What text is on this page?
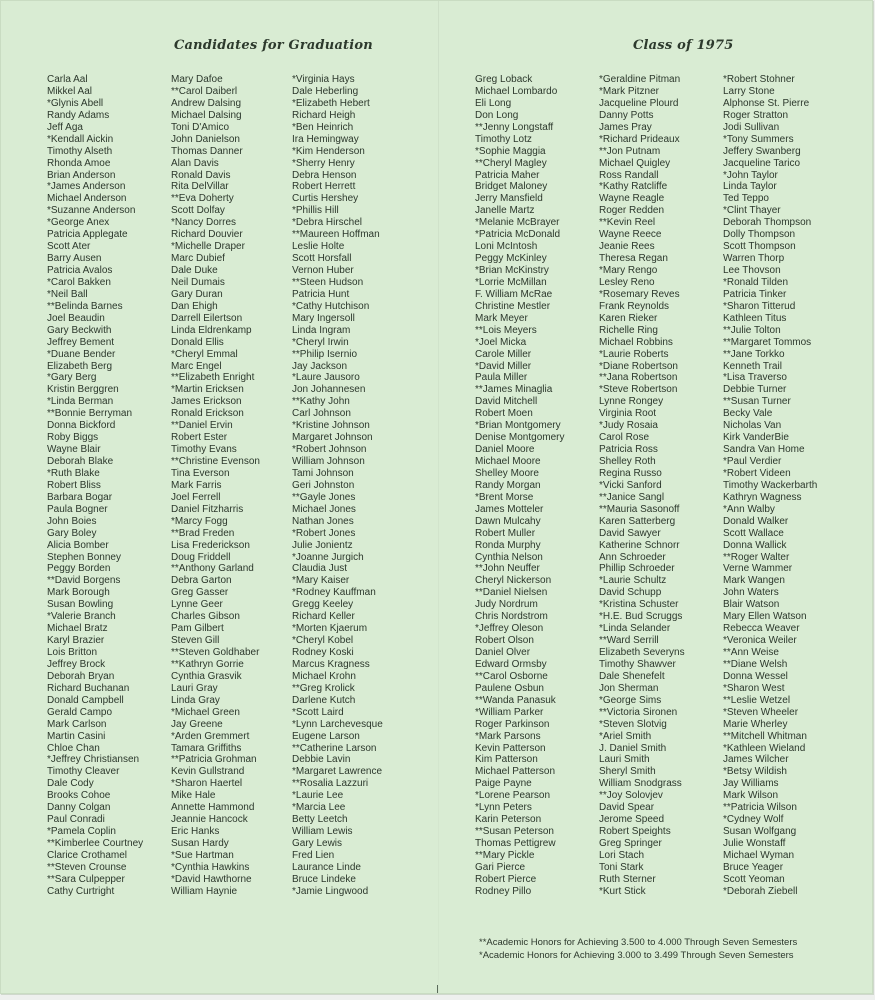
Candidates for Graduation	Class of 1975
Carla Aal
Mikkel Aal
*Glynis Abell
Randy Adams
Jeff Aga
*Kendall Aickin
Timothy Alseth
Rhonda Amoe
Brian Anderson
*James Anderson
Michael Anderson
*Suzanne Anderson
*George Anex
Patricia Applegate
Scott Ater
Barry Ausen
Patricia Avalos
*Carol Bakken
*Neil Ball
**Belinda Barnes
Joel Beaudin
Gary Beckwith
Jeffrey Bement
*Duane Bender
Elizabeth Berg
*Gary Berg
Kristin Berggren
*Linda Berman
**Bonnie Berryman
Donna Bickford
Roby Biggs
Wayne Blair
Deborah Blake
*Ruth Blake
Robert Bliss
Barbara Bogar
Paula Bogner
John Boies
Gary Boley
Alicia Bomber
Stephen Bonney
Peggy Borden
**David Borgens
Mark Borough
Susan Bowling
*Valerie Branch
Michael Bratz
Karyl Brazier
Lois Britton
Jeffrey Brock
Deborah Bryan
Richard Buchanan
Donald Campbell
Gerald Campo
Mark Carlson
Martin Casini
Chloe Chan
*Jeffrey Christiansen
Timothy Cleaver
Dale Cody
Brooks Cohoe
Danny Colgan
Paul Conradi
*Pamela Coplin
**Kimberlee Courtney
Clarice Crothamel
**Steven Crounse
**Sara Culpepper
Cathy Curtright
Mary Dafoe
**Carol Daiberl
Andrew Dalsing
Michael Dalsing
Toni D'Amico
John Danielson
Thomas Danner
Alan Davis
Ronald Davis
Rita DelVillar
**Eva Doherty
Scott Dolfay
*Nancy Dorres
Richard Douvier
*Michelle Draper
Marc Dubief
Dale Duke
Neil Dumais
Gary Duran
Dan Ehigh
Darrell Eilertson
Linda Eldrenkamp
Donald Ellis
*Cheryl Emmal
Marc Engel
**Elizabeth Enright
*Martin Ericksen
James Erickson
Ronald Erickson
**Daniel Ervin
Robert Ester
Timothy Evans
**Christine Evenson
Tina Everson
Mark Farris
Joel Ferrell
Daniel Fitzharris
*Marcy Fogg
**Brad Freden
Lisa Frederickson
Doug Friddell
**Anthony Garland
Debra Garton
Greg Gasser
Lynne Geer
Charles Gibson
Pam Gilbert
Steven Gill
**Steven Goldhaber
**Kathryn Gorrie
Cynthia Grasvik
Lauri Gray
Linda Gray
*Michael Green
Jay Greene
*Arden Gremmert
Tamara Griffiths
**Patricia Grohman
Kevin Gullstrand
*Sharon Haertel
Mike Hale
Annette Hammond
Jeannie Hancock
Eric Hanks
Susan Hardy
*Sue Hartman
*Cynthia Hawkins
*David Hawthorne
William Haynie
*Virginia Hays
Dale Heberling
*Elizabeth Hebert
Richard Heigh
*Ben Heinrich
Ira Hemingway
*Kim Henderson
*Sherry Henry
Debra Henson
Robert Herrett
Curtis Hershey
*Phillis Hill
*Debra Hirschel
**Maureen Hoffman
Leslie Holte
Scott Horsfall
Vernon Huber
**Steen Hudson
Patricia Hunt
*Cathy Hutchison
Mary Ingersoll
Linda Ingram
*Cheryl Irwin
**Philip Isernio
Jay Jackson
*Laure Jausoro
Jon Johannesen
**Kathy John
Carl Johnson
*Kristine Johnson
Margaret Johnson
*Robert Johnson
William Johnson
Tami Johnson
Geri Johnston
**Gayle Jones
Michael Jones
Nathan Jones
*Robert Jones
Julie Jonientz
*Joanne Jurgich
Claudia Just
*Mary Kaiser
*Rodney Kauffman
Gregg Keeley
Richard Keller
*Morten Kjaerum
*Cheryl Kobel
Rodney Koski
Marcus Kragness
Michael Krohn
**Greg Krolick
Darlene Kutch
*Scott Laird
*Lynn Larchevesque
Eugene Larson
**Catherine Larson
Debbie Lavin
*Margaret Lawrence
**Rosalia Lazzuri
*Laurie Lee
*Marcia Lee
Betty Leetch
William Lewis
Gary Lewis
Fred Lien
Laurance Linde
Bruce Lindeke
*Jamie Lingwood
Greg Loback
Michael Lombardo
Eli Long
Don Long
**Jenny Longstaff
Timothy Lotz
*Sophie Maggia
**Cheryl Magley
Patricia Maher
Bridget Maloney
Jerry Mansfield
Janelle Martz
*Melanie McBrayer
*Patricia McDonald
Loni McIntosh
Peggy McKinley
*Brian McKinstry
*Lorrie McMillan
F. William McRae
Christine Mestler
Mark Meyer
**Lois Meyers
*Joel Micka
Carole Miller
*David Miller
Paula Miller
**James Minaglia
David Mitchell
Robert Moen
*Brian Montgomery
Denise Montgomery
Daniel Moore
Michael Moore
Shelley Moore
Randy Morgan
*Brent Morse
James Motteler
Dawn Mulcahy
Robert Muller
Ronda Murphy
Cynthia Nelson
**John Neuffer
Cheryl Nickerson
**Daniel Nielsen
Judy Nordrum
Chris Nordstrom
*Jeffrey Oleson
Robert Olson
Daniel Olver
Edward Ormsby
**Carol Osborne
Paulene Osbun
**Wanda Panasuk
*William Parker
Roger Parkinson
*Mark Parsons
Kevin Patterson
Kim Patterson
Michael Patterson
Paige Payne
*Lorene Pearson
*Lynn Peters
Karin Peterson
**Susan Peterson
Thomas Pettigrew
**Mary Pickle
Gari Pierce
Robert Pierce
Rodney Pillo
*Geraldine Pitman
*Mark Pitzner
Jacqueline Plourd
Danny Potts
James Pray
*Richard Prideaux
**Jon Putnam
Michael Quigley
Ross Randall
*Kathy Ratcliffe
Wayne Reagle
Roger Redden
**Kevin Reel
Wayne Reece
Jeanie Rees
Theresa Regan
*Mary Rengo
Lesley Reno
*Rosemary Reves
Frank Reynolds
Karen Rieker
Richelle Ring
Michael Robbins
*Laurie Roberts
*Diane Robertson
**Jana Robertson
*Steve Robertson
Lynne Rongey
Virginia Root
*Judy Rosaia
Carol Rose
Patricia Ross
Shelley Roth
Regina Russo
*Vicki Sanford
**Janice Sangl
**Mauria Sasonoff
Karen Satterberg
David Sawyer
Katherine Schnorr
Ann Schroeder
Phillip Schroeder
*Laurie Schultz
David Schupp
*Kristina Schuster
*H.E. Bud Scruggs
*Linda Selander
**Ward Serrill
Elizabeth Severyns
Timothy Shawver
Dale Shenefelt
Jon Sherman
*George Sims
**Victoria Sironen
*Steven Slotvig
*Ariel Smith
J. Daniel Smith
Lauri Smith
Sheryl Smith
William Snodgrass
**Joy Solovjev
David Spear
Jerome Speed
Robert Speights
Greg Springer
Lori Stach
Toni Stark
Ruth Sterner
*Kurt Stick
*Robert Stohner
Larry Stone
Alphonse St. Pierre
Roger Stratton
Jodi Sullivan
*Tony Summers
Jeffery Swanberg
Jacqueline Tarico
*John Taylor
Linda Taylor
Ted Teppo
*Clint Thayer
Deborah Thompson
Dolly Thompson
Scott Thompson
Warren Thorp
Lee Thovson
*Ronald Tilden
Patricia Tinker
*Sharon Titterud
Kathleen Titus
**Julie Tolton
**Margaret Tommos
**Jane Torkko
Kenneth Trail
*Lisa Traverso
Debbie Turner
**Susan Turner
Becky Vale
Nicholas Van
Kirk VanderBie
Sandra Van Home
*Paul Verdier
*Robert Videen
Timothy Wackerbarth
Kathryn Wagness
*Ann Walby
Donald Walker
Scott Wallace
Donna Wallick
**Roger Walter
Verne Wammer
Mark Wangen
John Waters
Blair Watson
Mary Ellen Watson
Rebecca Weaver
*Veronica Weiler
**Ann Weise
**Diane Welsh
Donna Wessel
*Sharon West
**Leslie Wetzel
*Steven Wheeler
Marie Wherley
**Mitchell Whitman
*Kathleen Wieland
James Wilcher
*Betsy Wildish
Jay Williams
Mark Wilson
**Patricia Wilson
*Cydney Wolf
Susan Wolfgang
Julie Wonstaff
Michael Wyman
Bruce Yeager
Scott Yeoman
*Deborah Ziebell
**Academic Honors for Achieving 3.500 to 4.000 Through Seven Semesters
*Academic Honors for Achieving 3.000 to 3.499 Through Seven Semesters
